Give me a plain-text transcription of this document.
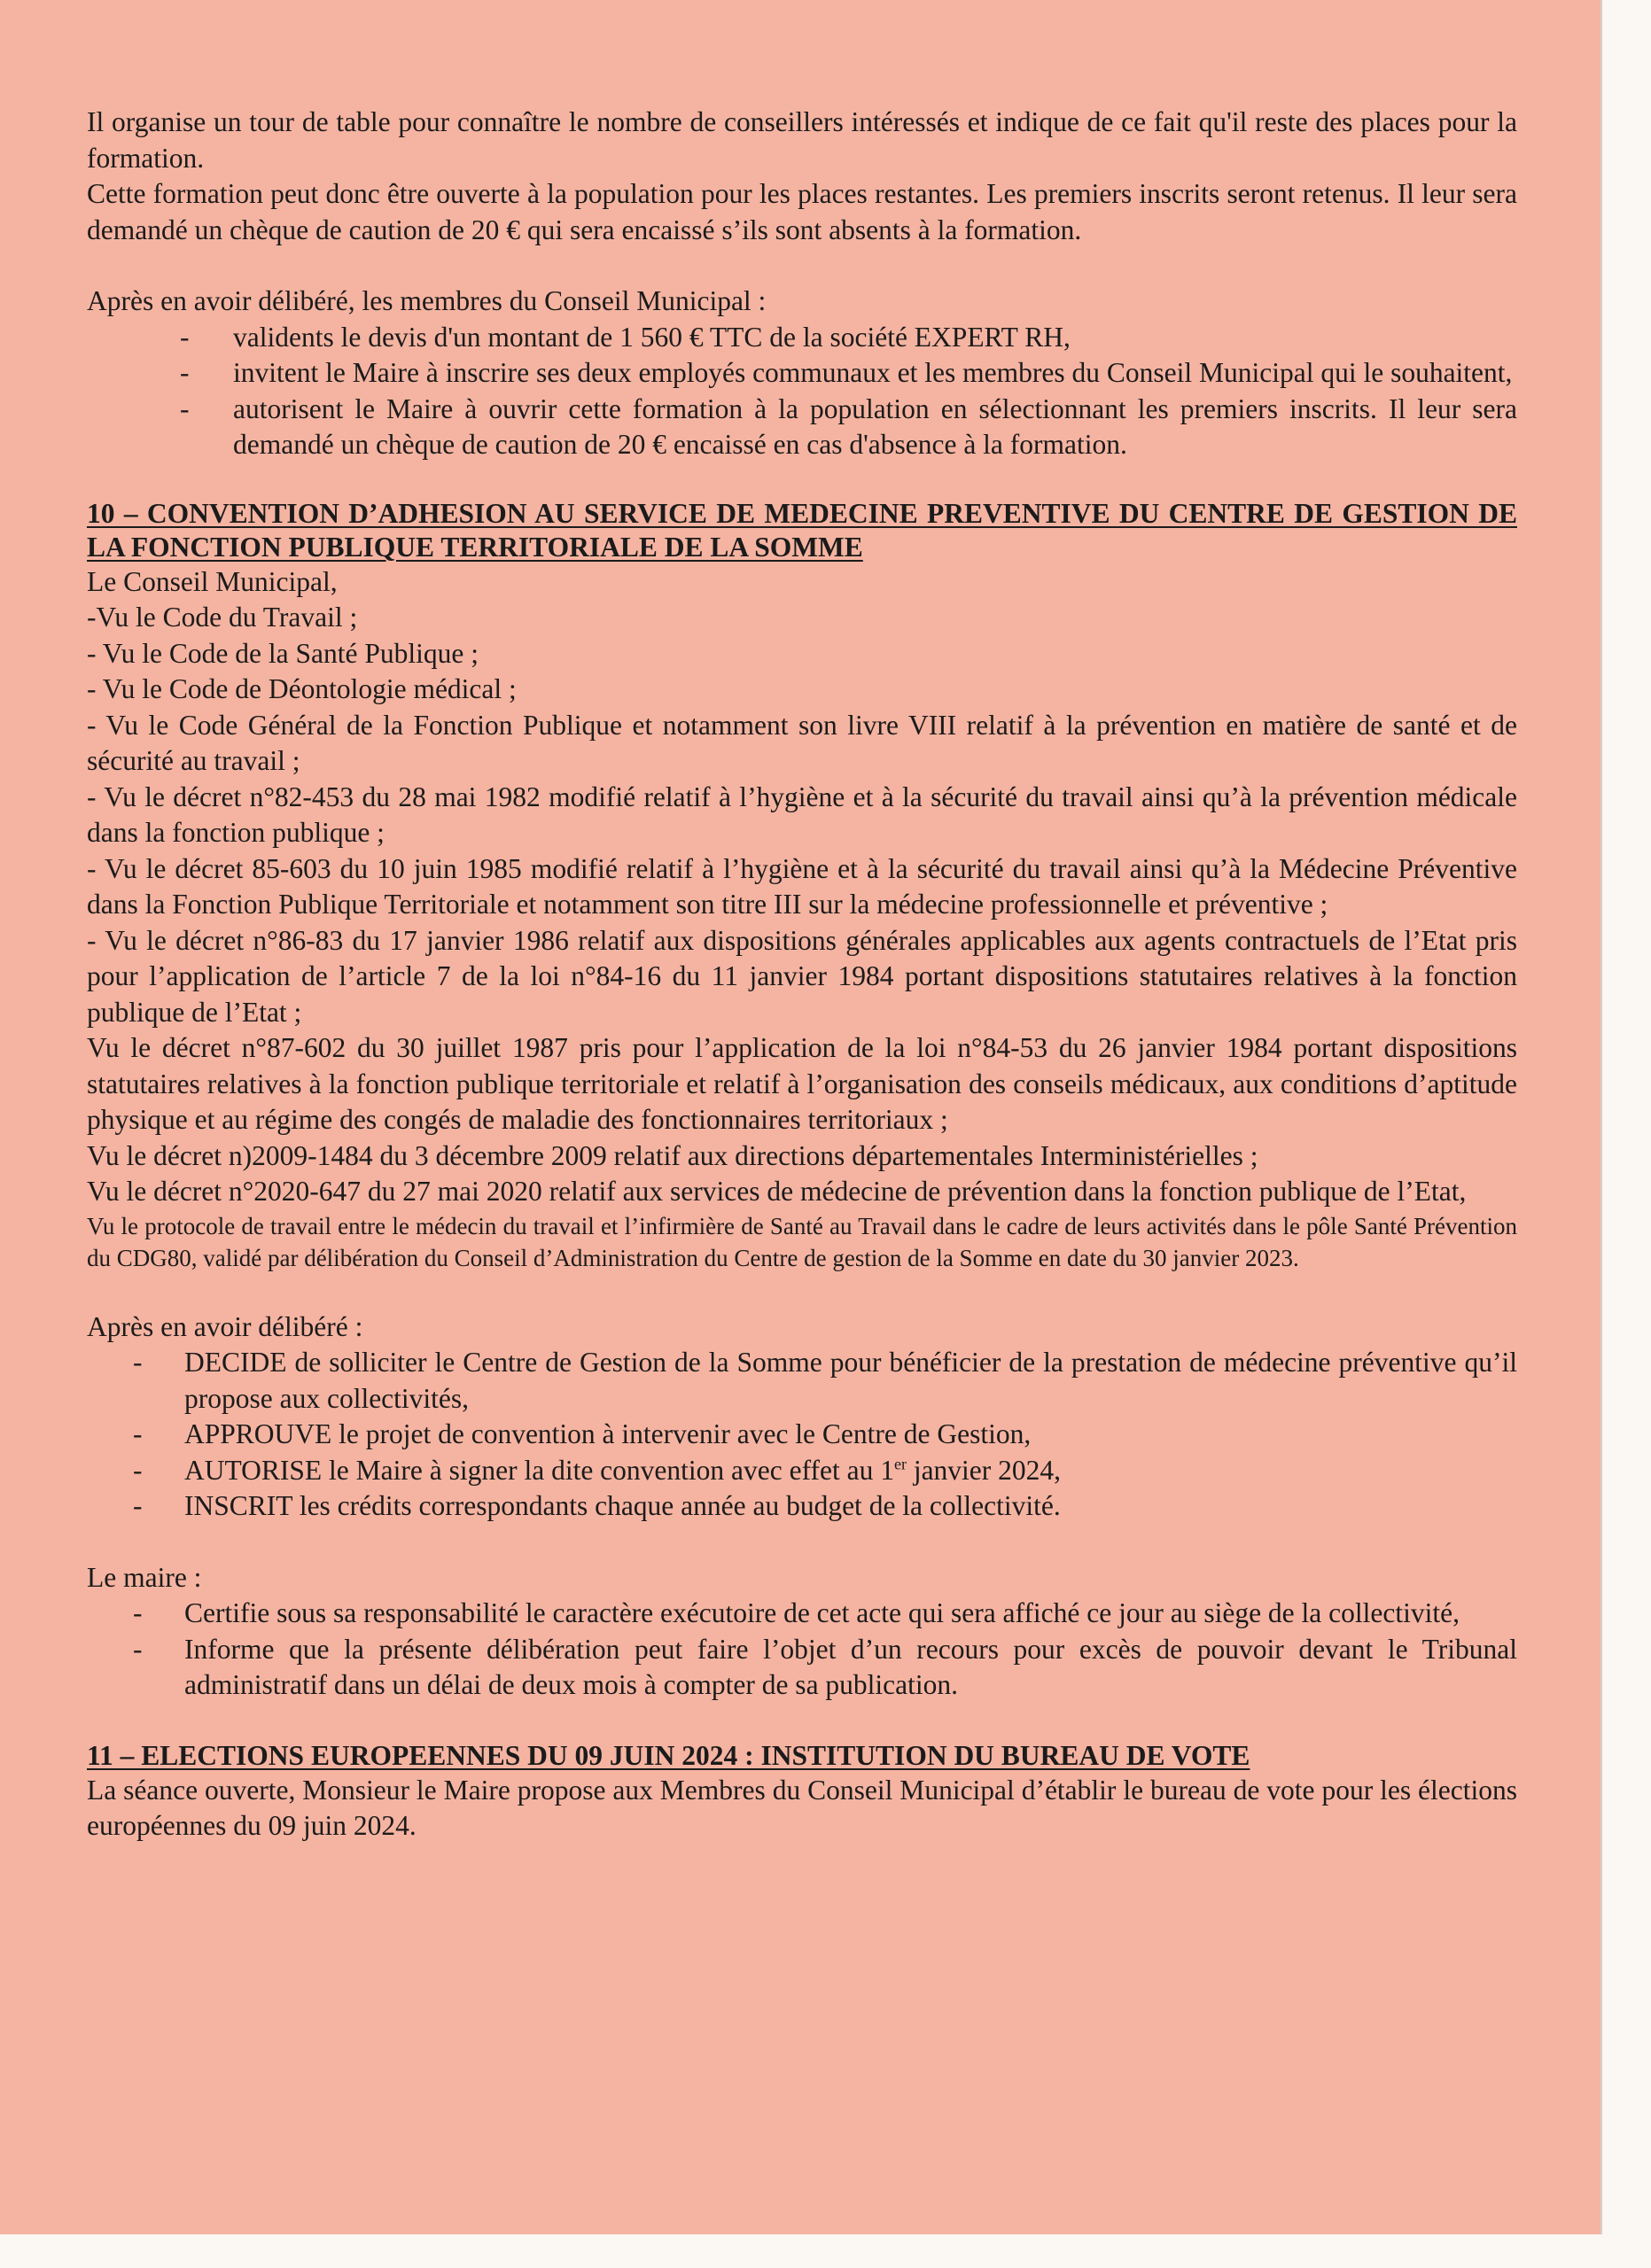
Il organise un tour de table pour connaître le nombre de conseillers intéressés et indique de ce fait qu'il reste des places pour la formation.

Cette formation peut donc être ouverte à la population pour les places restantes. Les premiers inscrits seront retenus. Il leur sera demandé un chèque de caution de 20 € qui sera encaissé s’ils sont absents à la formation.

Après en avoir délibéré, les membres du Conseil Municipal :

- validents le devis d'un montant de 1 560 € TTC de la société EXPERT RH,
- invitent le Maire à inscrire ses deux employés communaux et les membres du Conseil Municipal qui le souhaitent,
- autorisent le Maire à ouvrir cette formation à la population en sélectionnant les premiers inscrits. Il leur sera demandé un chèque de caution de 20 € encaissé en cas d'absence à la formation.

10 – CONVENTION D’ADHESION AU SERVICE DE MEDECINE PREVENTIVE DU CENTRE DE GESTION DE LA FONCTION PUBLIQUE TERRITORIALE DE LA SOMME

Le Conseil Municipal,

-Vu le Code du Travail ;

- Vu le Code de la Santé Publique ;

- Vu le Code de Déontologie médical ;

- Vu le Code Général de la Fonction Publique et notamment son livre VIII relatif à la prévention en matière de santé et de sécurité au travail ;

- Vu le décret n°82-453 du 28 mai 1982 modifié relatif à l’hygiène et à la sécurité du travail ainsi qu’à la prévention médicale dans la fonction publique ;

- Vu le décret 85-603 du 10 juin 1985 modifié relatif à l’hygiène et à la sécurité du travail ainsi qu’à la Médecine Préventive dans la Fonction Publique Territoriale et notamment son titre III sur la médecine professionnelle et préventive ;

- Vu le décret n°86-83 du 17 janvier 1986 relatif aux dispositions générales applicables aux agents contractuels de l’Etat pris pour l’application de l’article 7 de la loi n°84-16 du 11 janvier 1984 portant dispositions statutaires relatives à la fonction publique de l’Etat ;

Vu le décret n°87-602 du 30 juillet 1987 pris pour l’application de la loi n°84-53 du 26 janvier 1984 portant dispositions statutaires relatives à la fonction publique territoriale et relatif à l’organisation des conseils médicaux, aux conditions d’aptitude physique et au régime des congés de maladie des fonctionnaires territoriaux ;

Vu le décret n)2009-1484 du 3 décembre 2009 relatif aux directions départementales Interministérielles ;

Vu le décret n°2020-647 du 27 mai 2020 relatif aux services de médecine de prévention dans la fonction publique de l’Etat,

Vu le protocole de travail entre le médecin du travail et l’infirmière de Santé au Travail dans le cadre de leurs activités dans le pôle Santé Prévention du CDG80, validé par délibération du Conseil d’Administration du Centre de gestion de la Somme en date du 30 janvier 2023.

Après en avoir délibéré :

- DECIDE de solliciter le Centre de Gestion de la Somme pour bénéficier de la prestation de médecine préventive qu’il propose aux collectivités,
- APPROUVE le projet de convention à intervenir avec le Centre de Gestion,
- AUTORISE le Maire à signer la dite convention avec effet au 1er janvier 2024,
- INSCRIT les crédits correspondants chaque année au budget de la collectivité.

Le maire :

- Certifie sous sa responsabilité le caractère exécutoire de cet acte qui sera affiché ce jour au siège de la collectivité,
- Informe que la présente délibération peut faire l’objet d’un recours pour excès de pouvoir devant le Tribunal administratif dans un délai de deux mois à compter de sa publication.

11 – ELECTIONS EUROPEENNES DU 09 JUIN 2024 : INSTITUTION DU BUREAU DE VOTE

La séance ouverte, Monsieur le Maire propose aux Membres du Conseil Municipal d’établir le bureau de vote pour les élections européennes du 09 juin 2024.
